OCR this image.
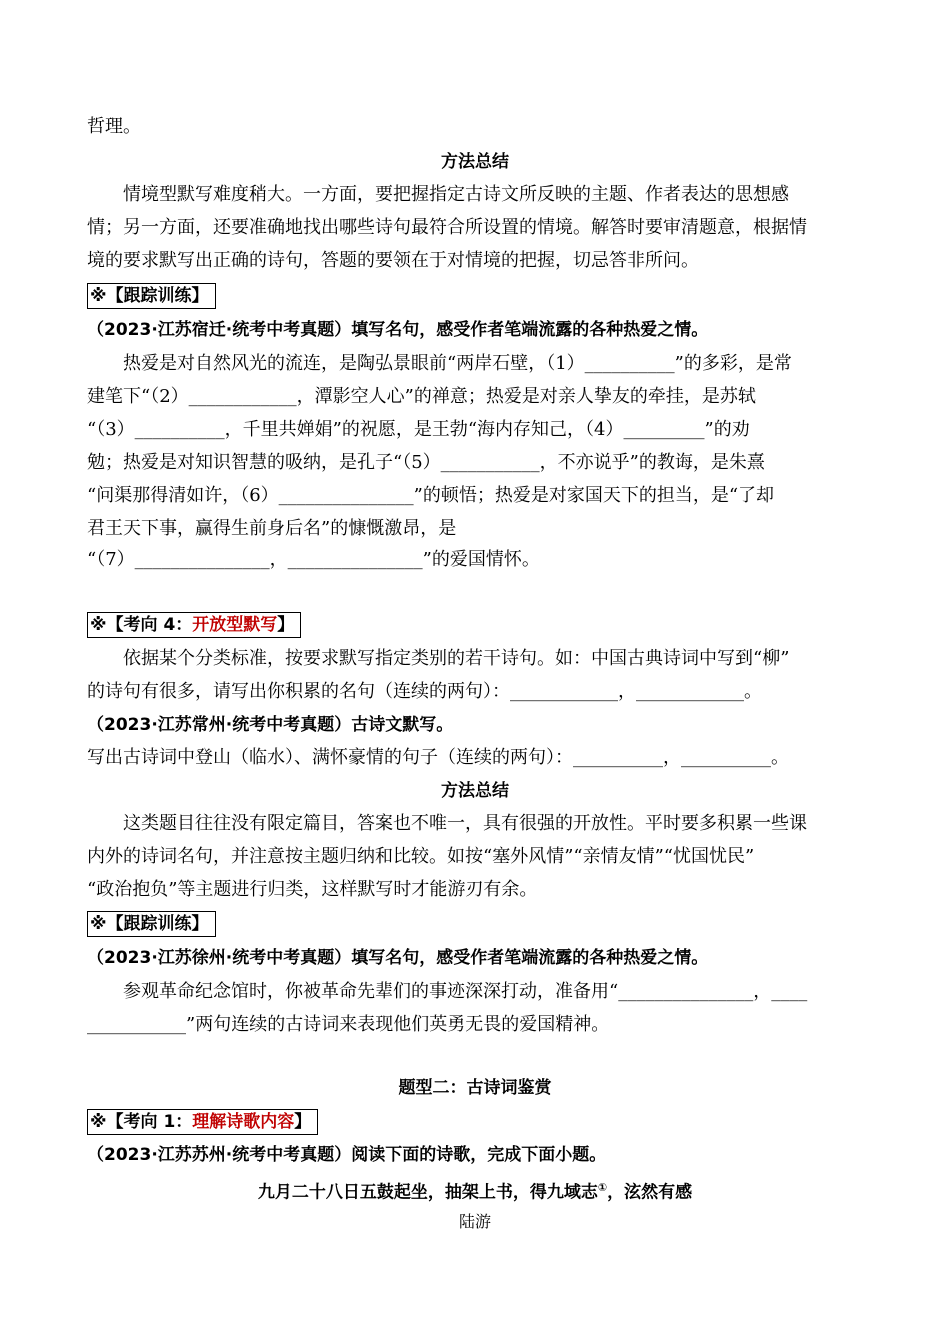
哲理。
方法总结
情境型默写难度稍大。一方面，要把握指定古诗文所反映的主题、作者表达的思想感
情；另一方面，还要准确地找出哪些诗句最符合所设置的情境。解答时要审清题意，根据情
境的要求默写出正确的诗句，答题的要领在于对情境的把握，切忌答非所问。
※【跟踪训练】
（2023·江苏宿迁·统考中考真题）填写名句，感受作者笔端流露的各种热爱之情。
热爱是对自然风光的流连，是陶弘景眼前“两岸石壁，（1）__________”的多彩，是常
建笔下“（2）____________，潭影空人心”的禅意；热爱是对亲人挚友的牵挂，是苏轼
“（3）__________，千里共婵娟”的祝愿，是王勃“海内存知己，（4）_________”的劝
勉；热爱是对知识智慧的吸纳，是孔子“（5）___________，不亦说乎”的教诲，是朱熹
“问渠那得清如许，（6）_______________”的顿悟；热爱是对家国天下的担当，是“了却
君王天下事，赢得生前身后名”的慷慨激昂，是
“（7）_______________，_______________”的爱国情怀。
※【考向 4：开放型默写】
依据某个分类标准，按要求默写指定类别的若干诗句。如：中国古典诗词中写到“柳”
的诗句有很多，请写出你积累的名句（连续的两句）：____________，____________。
（2023·江苏常州·统考中考真题）古诗文默写。
写出古诗词中登山（临水）、满怀豪情的句子（连续的两句）：__________，__________。
方法总结
这类题目往往没有限定篇目，答案也不唯一，具有很强的开放性。平时要多积累一些课
内外的诗词名句，并注意按主题归纳和比较。如按“塞外风情”“亲情友情”“忧国忧民”
“政治抱负”等主题进行归类，这样默写时才能游刃有余。
※【跟踪训练】
（2023·江苏徐州·统考中考真题）填写名句，感受作者笔端流露的各种热爱之情。
参观革命纪念馆时，你被革命先辈们的事迹深深打动，准备用“_______________，____
___________”两句连续的古诗词来表现他们英勇无畏的爱国精神。
题型二：古诗词鉴赏
※【考向 1：理解诗歌内容】
（2023·江苏苏州·统考中考真题）阅读下面的诗歌，完成下面小题。
九月二十八日五鼓起坐，抽架上书，得九域志①，泫然有感
陆游
